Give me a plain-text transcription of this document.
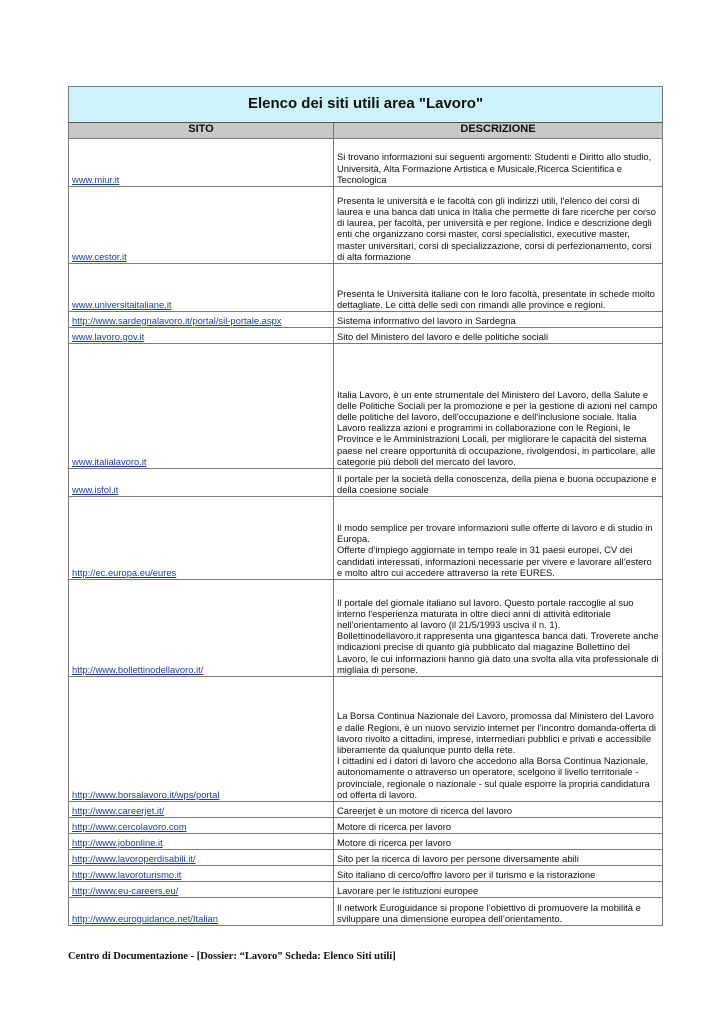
Elenco dei siti utili area "Lavoro"	
SITO	DESCRIZIONE
www.miur.it	Si trovano informazioni sui seguenti argomenti: Studenti e Diritto allo studio, Università, Alta Formazione Artistica e Musicale,Ricerca Scientifica e Tecnologica
www.cestor.it	Presenta le università e le facoltà con gli indirizzi utili, l'elenco dei corsi di laurea e una banca dati unica in Italia che permette di fare ricerche per corso di laurea, per facoltà, per università e per regione. Indice e descrizione degli enti che organizzano corsi master, corsi specialistici, executive master, master universitari, corsi di specializzazione, corsi di perfezionamento, corsi di alta formazione
www.universitaitaliane.it	Presenta le Università italiane con le loro facoltà, presentate in schede molto dettagliate. Le città delle sedi con rimandi alle province e regioni.
http://www.sardegnalavoro.it/portal/sil-portale.aspx	Sistema informativo del lavoro in Sardegna
www.lavoro.gov.it	Sito del Ministero del lavoro e delle politiche sociali
www.italialavoro.it	Italia Lavoro, è un ente strumentale del Ministero del Lavoro, della Salute e delle Politiche Sociali per la promozione e per la gestione di azioni nel campo delle politiche del lavoro, dell'occupazione e dell'inclusione sociale. Italia Lavoro realizza azioni e programmi in collaborazione con le Regioni, le Province e le Amministrazioni Locali, per migliorare le capacità del sistema paese nel creare opportunità di occupazione, rivolgendosi, in particolare, alle categorie più deboli del mercato del lavoro.
www.isfol.it	Il portale per la società della conoscenza, della piena e buona occupazione e della coesione sociale
http://ec.europa.eu/eures	Il modo semplice per trovare informazioni sulle offerte di lavoro e di studio in Europa.
Offerte d’impiego aggiornate in tempo reale in 31 paesi europei, CV dei candidati interessati, informazioni necessarie per vivere e lavorare all’estero e molto altro cui accedere attraverso la rete EURES.
http://www.bollettinodellavoro.it/	Il portale del giornale italiano sul lavoro. Questo portale raccoglie al suo interno l'esperienza maturata in oltre dieci anni di attività editoriale nell'orientamento al lavoro (il 21/5/1993 usciva il n. 1).
Bollettinodellavoro.it rappresenta una gigantesca banca dati. Troverete anche indicazioni precise di quanto già pubblicato dal magazine Bollettino del Lavoro, le cui informazioni hanno già dato una svolta alla vita professionale di migliaia di persone.
http://www.borsalavoro.it/wps/portal	La Borsa Continua Nazionale del Lavoro, promossa dal Ministero del Lavoro e dalle Regioni, è un nuovo servizio internet per l'incontro domanda-offerta di lavoro rivolto a cittadini, imprese, intermediari pubblici e privati e accessibile liberamente da qualunque punto della rete.
I cittadini ed i datori di lavoro che accedono alla Borsa Continua Nazionale, autonomamente o attraverso un operatore, scelgono il livello territoriale - provinciale, regionale o nazionale - sul quale esporre la propria candidatura od offerta di lavoro.
http://www.careerjet.it/	Careerjet è un motore di ricerca del lavoro
http://www.cercolavoro.com	Motore di ricerca per lavoro
http://www.jobonline.it	Motore di ricerca per lavoro
http://www.lavoroperdisabili.it/	Sito per la ricerca di lavoro per persone diversamente abili
http://www.lavoroturismo.it	Sito italiano di cerco/offro lavoro per il turismo e la ristorazione
http://www.eu-careers.eu/	Lavorare per le istituzioni europee
http://www.euroguidance.net/Italian	Il network Euroguidance si propone l’obiettivo di promuovere la mobilità e sviluppare una dimensione europea dell’orientamento.
Centro di Documentazione - [Dossier: “Lavoro” Scheda: Elenco Siti utili]
